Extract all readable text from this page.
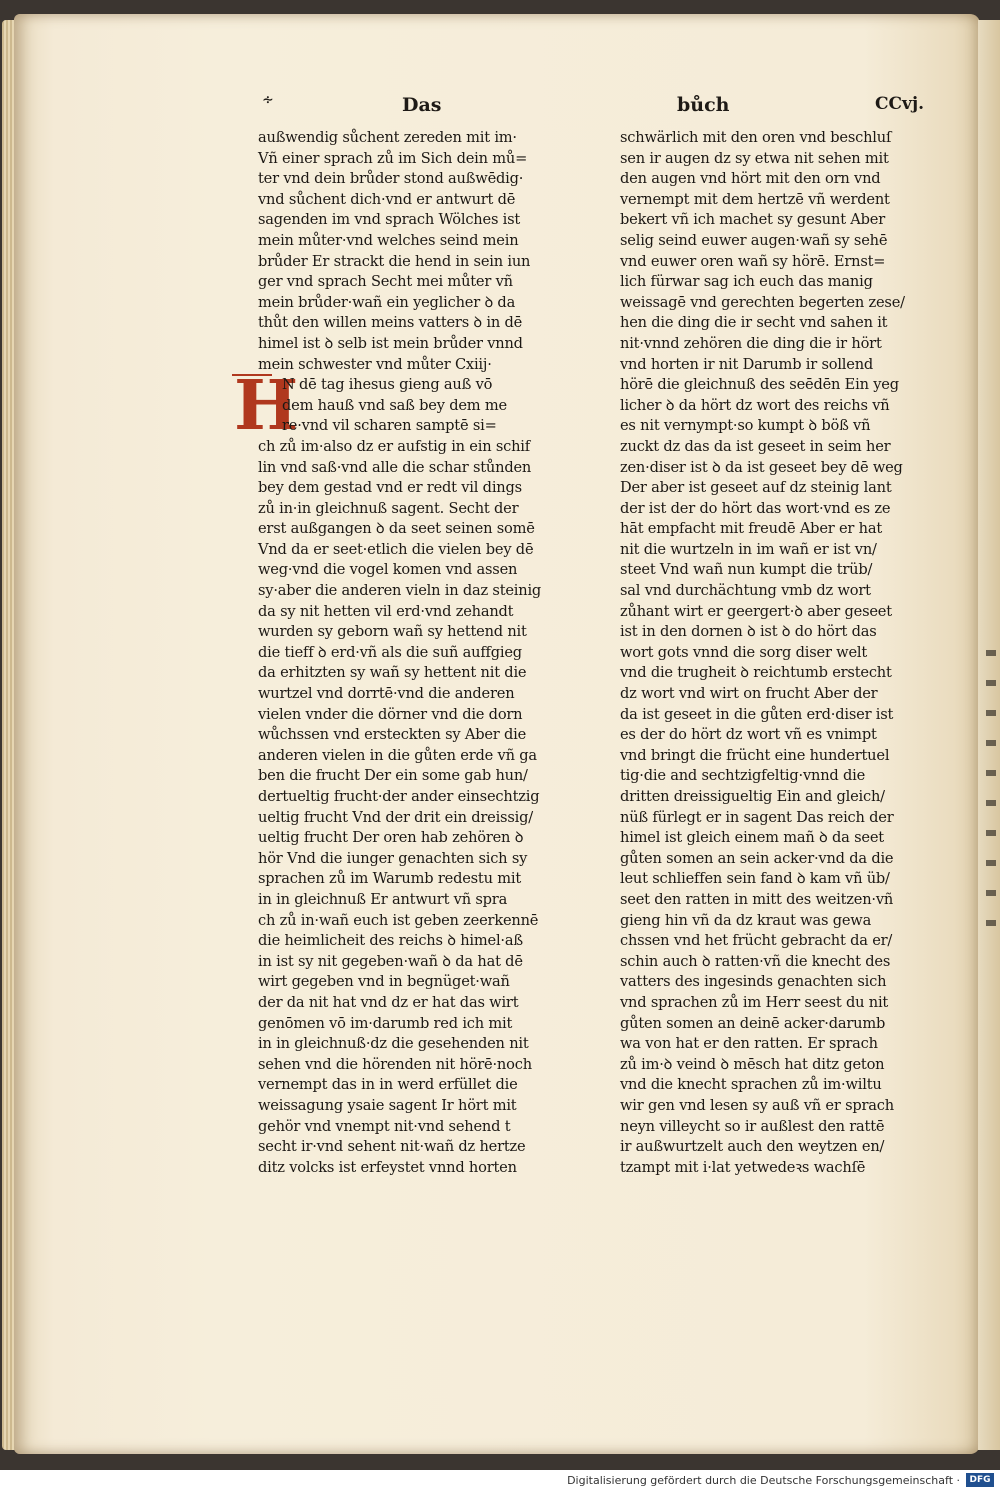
∻	Das	bůch	CCvj.
H
außwendig sůchent zereden mit im·
Vñ einer sprach zů im Sich dein mů=
ter vnd dein brůder stond außwēdig·
vnd sůchent dich·vnd er antwurt dē
sagenden im vnd sprach Wölches ist
mein můter·vnd welches seind mein
brůder Er strackt die hend in sein iun
ger vnd sprach Secht mei můter vñ
mein brůder·wañ ein yeglicher ꝺ da
thůt den willen meins vatters ꝺ in dē
himel ist ꝺ selb ist mein brůder vnnd
mein schwester vnd můter Cxiij·
N dē tag ihesus gieng auß vō
dem hauß vnd saß bey dem me
re·vnd vil scharen samptē si=
ch zů im·also dz er aufstig in ein schif
lin vnd saß·vnd alle die schar stůnden
bey dem gestad vnd er redt vil dings
zů in·in gleichnuß sagent. Secht der
erst außgangen ꝺ da seet seinen somē
Vnd da er seet·etlich die vielen bey dē
weg·vnd die vogel komen vnd assen
sy·aber die anderen vieln in daz steinig
da sy nit hetten vil erd·vnd zehandt
wurden sy geborn wañ sy hettend nit
die tieff ꝺ erd·vñ als die suñ auffgieg
da erhitzten sy wañ sy hettent nit die
wurtzel vnd dorrtē·vnd die anderen
vielen vnder die dörner vnd die dorn
wůchssen vnd ersteckten sy Aber die
anderen vielen in die gůten erde vñ ga
ben die frucht Der ein some gab hun/
dertueltig frucht·der ander einsechtzig
ueltig frucht Vnd der drit ein dreissig/
ueltig frucht Der oren hab zehören ꝺ
hör Vnd die iunger genachten sich sy
sprachen zů im Warumb redestu mit
in in gleichnuß Er antwurt vñ spra
ch zů in·wañ euch ist geben zeerkennē
die heimlicheit des reichs ꝺ himel·aß
in ist sy nit gegeben·wañ ꝺ da hat dē
wirt gegeben vnd in begnüget·wañ
der da nit hat vnd dz er hat das wirt
genōmen vō im·darumb red ich mit
in in gleichnuß·dz die gesehenden nit
sehen vnd die hörenden nit hörē·noch
vernempt das in in werd erfüllet die
weissagung ysaie sagent Ir hört mit
gehör vnd vnempt nit·vnd sehend t
secht ir·vnd sehent nit·wañ dz hertze
ditz volcks ist erfeystet vnnd horten
schwärlich mit den oren vnd beschluſ
sen ir augen dz sy etwa nit sehen mit
den augen vnd hört mit den orn vnd
vernempt mit dem hertzē vñ werdent
bekert vñ ich machet sy gesunt Aber
selig seind euwer augen·wañ sy sehē
vnd euwer oren wañ sy hörē. Ernst=
lich fürwar sag ich euch das manig
weissagē vnd gerechten begerten zese/
hen die ding die ir secht vnd sahen it
nit·vnnd zehören die ding die ir hört
vnd horten ir nit Darumb ir sollend
hörē die gleichnuß des seēdēn Ein yeg
licher ꝺ da hört dz wort des reichs vñ
es nit vernympt·so kumpt ꝺ böß vñ
zuckt dz das da ist geseet in seim her
zen·diser ist ꝺ da ist geseet bey dē weg
Der aber ist geseet auf dz steinig lant
der ist der do hört das wort·vnd es ze
hāt empfacht mit freudē Aber er hat
nit die wurtzeln in im wañ er ist vn/
steet Vnd wañ nun kumpt die trüb/
sal vnd durchächtung vmb dz wort
zůhant wirt er geergert·ꝺ aber geseet
ist in den dornen ꝺ ist ꝺ do hört das
wort gots vnnd die sorg diser welt
vnd die trugheit ꝺ reichtumb erstecht
dz wort vnd wirt on frucht Aber der
da ist geseet in die gůten erd·diser ist
es der do hört dz wort vñ es vnimpt
vnd bringt die frücht eine hundertuel
tig·die and sechtzigfeltig·vnnd die
dritten dreissigueltig Ein and gleich/
nüß fürlegt er in sagent Das reich der
himel ist gleich einem mañ ꝺ da seet
gůten somen an sein acker·vnd da die
leut schlieffen sein fand ꝺ kam vñ üb/
seet den ratten in mitt des weitzen·vñ
gieng hin vñ da dz kraut was gewa
chssen vnd het frücht gebracht da er/
schin auch ꝺ ratten·vñ die knecht des
vatters des ingesinds genachten sich
vnd sprachen zů im Herr seest du nit
gůten somen an deinē acker·darumb
wa von hat er den ratten. Er sprach
zů im·ꝺ veind ꝺ mēsch hat ditz geton
vnd die knecht sprachen zů im·wiltu
wir gen vnd lesen sy auß vñ er sprach
neyn villeycht so ir außlest den rattē
ir außwurtzelt auch den weytzen en/
tzampt mit i·lat yetwedeꝛs wachſē
Digitalisierung gefördert durch die Deutsche Forschungsgemeinschaft ·	DFG
